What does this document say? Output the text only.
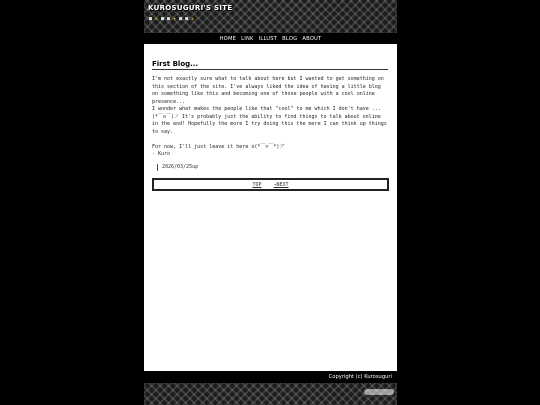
KUROSUGURI'S SITE
■ ★ ■ ■ ★ ■ ■ ★
HOME LINK ILLUST BLOG ABOUT
First Blog...

I'm not exactly sure what to talk about here but I wanted to get something on this section of the site. I've always liked the idea of having a little blog on something like this and becoming one of those people with a cool online presence...

I wonder what makes the people like that "cool" to me which I don't have ... (*￣o￣)ノ It's probably just the ability to find things to talk about online in the end! Hopefully the more I try doing this the more I can think up things to say.

For now, I'll just leave it here o(*￣▽￣*)ブ

- Kuro

2026/03/25up
TOP →NEXT
Copyright (c) Kurosuguri
